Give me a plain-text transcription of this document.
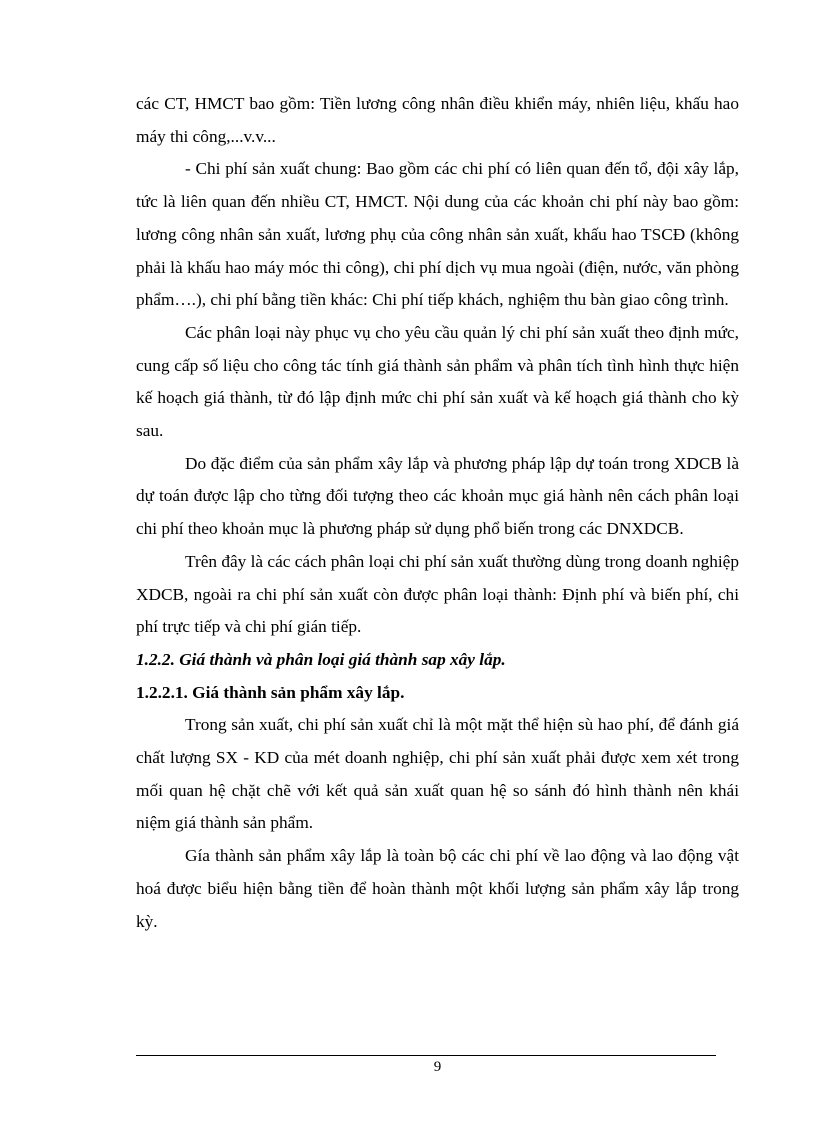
các CT, HMCT bao gồm: Tiền lương công nhân điều khiển máy, nhiên liệu, khấu hao máy thi công,...v.v...

- Chi phí sản xuất chung: Bao gồm các chi phí có liên quan đến tổ, đội xây lắp, tức là liên quan đến nhiều CT, HMCT. Nội dung của các khoản chi phí này bao gồm: lương công nhân sản xuất, lương phụ của công nhân sản xuất, khấu hao TSCĐ (không phải là khấu hao máy móc thi công), chi phí dịch vụ mua ngoài (điện, nước, văn phòng phẩm….), chi phí bằng tiền khác: Chi phí tiếp khách, nghiệm thu bàn giao công trình.

Các phân loại này phục vụ cho yêu cầu quản lý chi phí sản xuất theo định mức, cung cấp số liệu cho công tác tính giá thành sản phẩm và phân tích tình hình thực hiện kế hoạch giá thành, từ đó lập định mức chi phí sản xuất và kế hoạch giá thành cho kỳ sau.

Do đặc điểm của sản phẩm xây lắp và phương pháp lập dự toán trong XDCB là dự toán được lập cho từng đối tượng theo các khoản mục giá hành nên cách phân loại chi phí theo khoản mục là phương pháp sử dụng phổ biến trong các DNXDCB.

Trên đây là các cách phân loại chi phí sản xuất thường dùng trong doanh nghiệp XDCB, ngoài ra chi phí sản xuất còn được phân loại thành: Định phí và biến phí, chi phí trực tiếp và chi phí gián tiếp.

1.2.2. Giá thành và phân loại giá thành sap xây lắp.
1.2.2.1. Giá thành sản phẩm xây lắp.

Trong sản xuất, chi phí sản xuất chỉ là một mặt thể hiện sù hao phí, để đánh giá chất lượng SX - KD của mét doanh nghiệp, chi phí sản xuất phải được xem xét trong mối quan hệ chặt chẽ với kết quả sản xuất quan hệ so sánh đó hình thành nên khái niệm giá thành sản phẩm.

Gía thành sản phẩm xây lắp là toàn bộ các chi phí về lao động và lao động vật hoá được biểu hiện bằng tiền để hoàn thành một khối lượng sản phẩm xây lắp trong kỳ.

9
